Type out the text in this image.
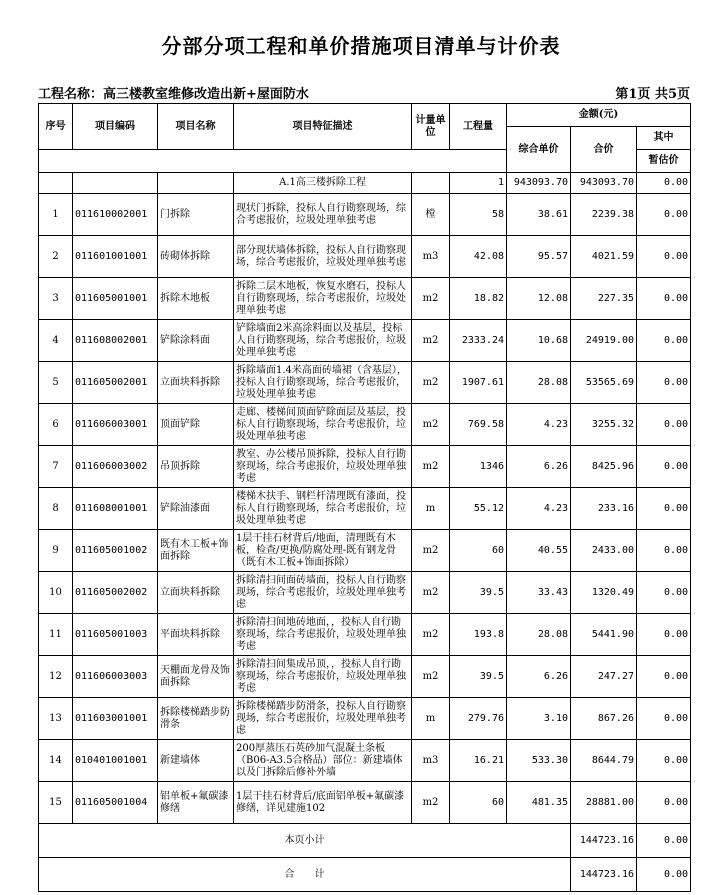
分部分项工程和单价措施项目清单与计价表
工程名称：高三楼教室维修改造出新+屋面防水	第1页 共5页
序号	项目编码	项目名称	项目特征描述	计量单位	工程量	金额(元)		
						综合单价	合价	其中
								暂估价
			A.1高三楼拆除工程		1	943093.70	943093.70	0.00
1	011610002001	门拆除	现状门拆除，投标人自行勘察现场，综合考虑报价，垃圾处理单独考虑	樘	58	38.61	2239.38	0.00
2	011601001001	砖砌体拆除	部分现状墙体拆除，投标人自行勘察现场，综合考虑报价，垃圾处理单独考虑	m3	42.08	95.57	4021.59	0.00
3	011605001001	拆除木地板	拆除二层木地板，恢复水磨石，投标人自行勘察现场，综合考虑报价，垃圾处理单独考虑	m2	18.82	12.08	227.35	0.00
4	011608002001	铲除涂料面	铲除墙面2米高涂料面以及基层，投标人自行勘察现场，综合考虑报价，垃圾处理单独考虑	m2	2333.24	10.68	24919.00	0.00
5	011605002001	立面块料拆除	拆除墙面1.4米高面砖墙裙（含基层），投标人自行勘察现场，综合考虑报价，垃圾处理单独考虑	m2	1907.61	28.08	53565.69	0.00
6	011606003001	顶面铲除	走廊、楼梯间顶面铲除面层及基层，投标人自行勘察现场，综合考虑报价，垃圾处理单独考虑	m2	769.58	4.23	3255.32	0.00
7	011606003002	吊顶拆除	教室、办公楼吊顶拆除，投标人自行勘察现场，综合考虑报价，垃圾处理单独考虑	m2	1346	6.26	8425.96	0.00
8	011608001001	铲除油漆面	楼梯木扶手、钢栏杆清理既有漆面，投标人自行勘察现场，综合考虑报价，垃圾处理单独考虑	m	55.12	4.23	233.16	0.00
9	011605001002	既有木工板+饰面拆除	1层干挂石材背后/地面，清理既有木板，检查/更换/防腐处理-既有钢龙骨（既有木工板+饰面拆除）	m2	60	40.55	2433.00	0.00
10	011605002002	立面块料拆除	拆除清扫间面砖墙面，投标人自行勘察现场，综合考虑报价，垃圾处理单独考虑	m2	39.5	33.43	1320.49	0.00
11	011605001003	平面块料拆除	拆除清扫间地砖地面，，投标人自行勘察现场，综合考虑报价，垃圾处理单独考虑	m2	193.8	28.08	5441.90	0.00
12	011606003003	天棚面龙骨及饰面拆除	拆除清扫间集成吊顶，，投标人自行勘察现场，综合考虑报价，垃圾处理单独考虑	m2	39.5	6.26	247.27	0.00
13	011603001001	拆除楼梯踏步防滑条	拆除楼梯踏步防滑条，投标人自行勘察现场，综合考虑报价，垃圾处理单独考虑	m	279.76	3.10	867.26	0.00
14	010401001001	新建墙体	200厚蒸压石英砂加气混凝土条板（B06-A3.5合格品）部位：新建墙体以及门拆除后修补外墙	m3	16.21	533.30	8644.79	0.00
15	011605001004	铝单板+氟碳漆修缮	1层干挂石材背后/底面铝单板+氟碳漆修缮，详见建施102	m2	60	481.35	28881.00	0.00
本页小计							144723.16	0.00
合　　计							144723.16	0.00
